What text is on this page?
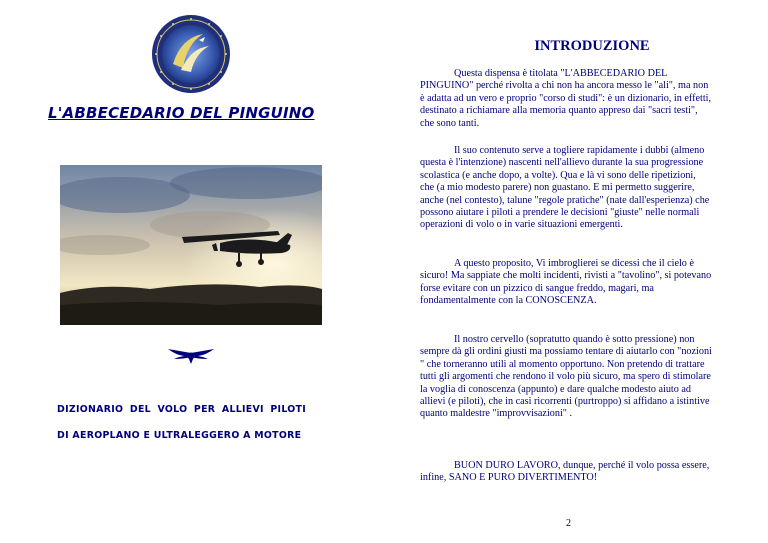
L'ABBECEDARIO DEL PINGUINO
DIZIONARIO DEL VOLO PER ALLIEVI PILOTI
DI AEROPLANO E ULTRALEGGERO A MOTORE
INTRODUZIONE

Questa dispensa è titolata "L'ABBECEDARIO DEL PINGUINO" perché rivolta a chi non ha ancora messo le "ali", ma non è adatta ad un vero e proprio "corso di studi": è un dizionario, in effetti, destinato a richiamare alla memoria quanto appreso dai "sacri testi", che sono tanti.

Il suo contenuto serve a togliere rapidamente i dubbi (almeno questa è l'intenzione) nascenti nell'allievo durante la sua progressione scolastica (e anche dopo, a volte). Qua e là vi sono delle ripetizioni, che (a mio modesto parere) non guastano. E mi permetto suggerire, anche (nel contesto), talune "regole pratiche" (nate dall'esperienza) che possono aiutare i piloti a prendere le decisioni "giuste" nelle normali operazioni di volo o in varie situazioni emergenti.

A questo proposito, Vi imbroglierei se dicessi che il cielo è sicuro! Ma sappiate che molti incidenti, rivisti a "tavolino", si potevano forse evitare con un pizzico di sangue freddo, magari, ma fondamentalmente con la CONOSCENZA.

Il nostro cervello (sopratutto quando è sotto pressione) non sempre dà gli ordini giusti ma possiamo tentare di aiutarlo con "nozioni " che torneranno utili al momento opportuno. Non pretendo di trattare tutti gli argomenti che rendono il volo più sicuro, ma spero di stimolare la voglia di conoscenza (appunto) e dare qualche modesto aiuto ad allievi (e piloti), che in casi ricorrenti (purtroppo) si affidano a istintive quanto maldestre "improvvisazioni" .

BUON DURO LAVORO, dunque, perché il volo possa essere, infine, SANO E PURO DIVERTIMENTO!

2
